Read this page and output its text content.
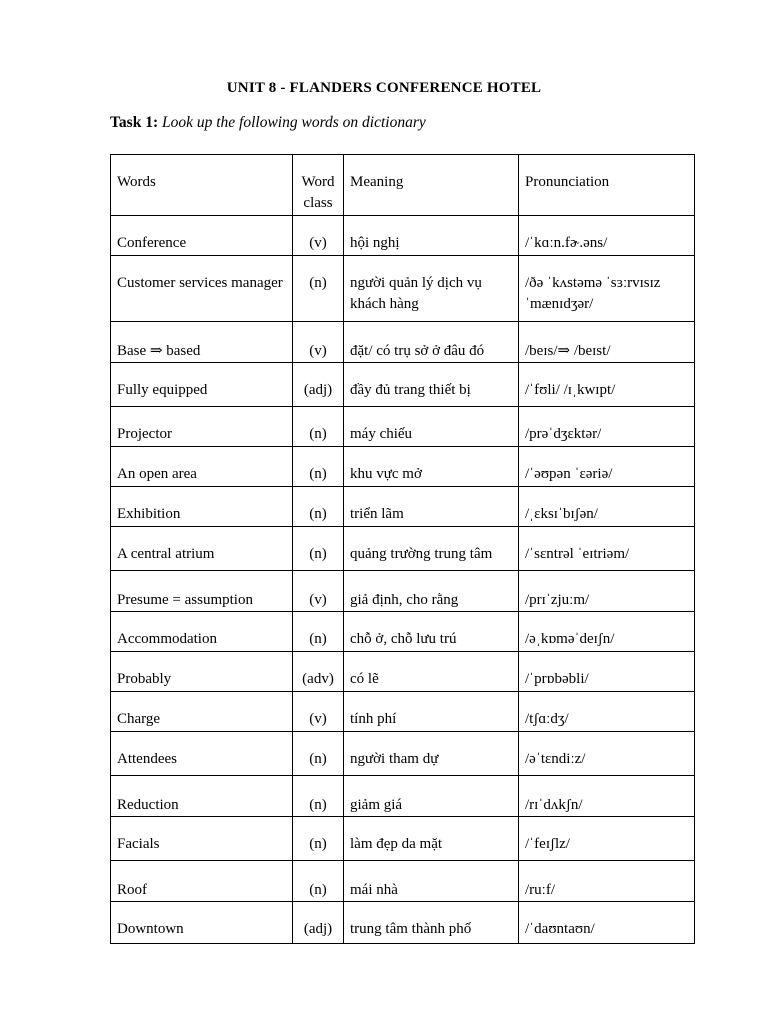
UNIT 8 - FLANDERS CONFERENCE HOTEL
Task 1: Look up the following words on dictionary
Words	Word class	Meaning	Pronunciation
Conference	(v)	hội nghị	/ˈkɑːn.fɚ.əns/
Customer services manager	(n)	người quản lý dịch vụ khách hàng	/ðə ˈkʌstəmə ˈsɜːrvɪsɪz ˈmænɪdʒər/
Base ⇒ based	(v)	đặt/ có trụ sở ở đâu đó	/beɪs/⇒ /beɪst/
Fully equipped	(adj)	đầy đủ trang thiết bị	/ˈfʊli/ /ɪˌkwɪpt/
Projector	(n)	máy chiếu	/prəˈdʒɛktər/
An open area	(n)	khu vực mở	/ˈəʊpən ˈɛəriə/
Exhibition	(n)	triển lãm	/ˌɛksɪˈbɪʃən/
A central atrium	(n)	quảng trường trung tâm	/ˈsɛntrəl ˈeɪtriəm/
Presume = assumption	(v)	giả định, cho rằng	/prɪˈzjuːm/
Accommodation	(n)	chỗ ở, chỗ lưu trú	/əˌkɒməˈdeɪʃn/
Probably	(adv)	có lẽ	/ˈprɒbəbli/
Charge	(v)	tính phí	/tʃɑːdʒ/
Attendees	(n)	người tham dự	/əˈtɛndiːz/
Reduction	(n)	giảm giá	/rɪˈdʌkʃn/
Facials	(n)	làm đẹp da mặt	/ˈfeɪʃlz/
Roof	(n)	mái nhà	/ruːf/
Downtown	(adj)	trung tâm thành phố	/ˈdaʊntaʊn/
